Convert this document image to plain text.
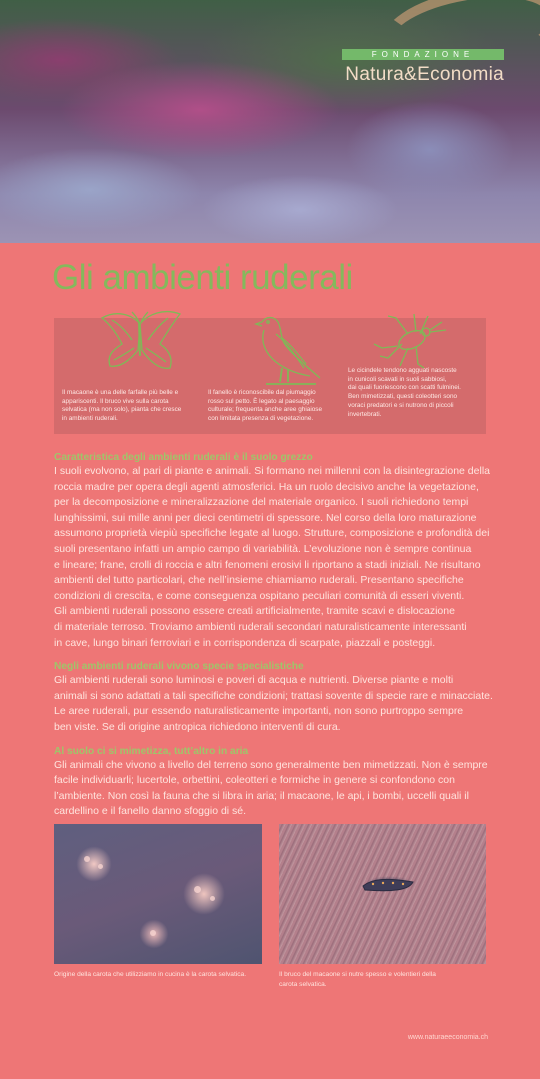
FONDAZIONE
Natura&Economia
Gli ambienti ruderali
Il macaone è una delle farfalle più belle e
appariscenti. Il bruco vive sulla carota
selvatica (ma non solo), pianta che cresce
in ambienti ruderali.
Il fanello è riconoscibile dal piumaggio
rosso sul petto. È legato al paesaggio
culturale; frequenta anche aree ghiaiose
con limitata presenza di vegetazione.
Le cicindele tendono agguati nascoste
in cunicoli scavati in suoli sabbiosi,
dai quali fuoriescono con scatti fulminei.
Ben mimetizzati, questi coleotteri sono
voraci predatori e si nutrono di piccoli
invertebrati.
Caratteristica degli ambienti ruderali è il suolo grezzo

I suoli evolvono, al pari di piante e animali. Si formano nei millenni con la disintegrazione della
roccia madre per opera degli agenti atmosferici. Ha un ruolo decisivo anche la vegetazione,
per la decomposizione e mineralizzazione del materiale organico. I suoli richiedono tempi
lunghissimi, sui mille anni per dieci centimetri di spessore. Nel corso della loro maturazione
assumono proprietà viepiù specifiche legate al luogo. Strutture, composizione e profondità dei
suoli presentano infatti un ampio campo di variabilità. L’evoluzione non è sempre continua
e lineare; frane, crolli di roccia e altri fenomeni erosivi li riportano a stadi iniziali. Ne risultano
ambienti del tutto particolari, che nell’insieme chiamiamo ruderali. Presentano specifiche
condizioni di crescita, e come conseguenza ospitano peculiari comunità di esseri viventi.
Gli ambienti ruderali possono essere creati artificialmente, tramite scavi e dislocazione
di materiale terroso. Troviamo ambienti ruderali secondari naturalisticamente interessanti
in cave, lungo binari ferroviari e in corrispondenza di scarpate, piazzali e posteggi.

Negli ambienti ruderali vivono specie specialistiche

Gli ambienti ruderali sono luminosi e poveri di acqua e nutrienti. Diverse piante e molti
animali si sono adattati a tali specifiche condizioni; trattasi sovente di specie rare e minacciate.
Le aree ruderali, pur essendo naturalisticamente importanti, non sono purtroppo sempre
ben viste. Se di origine antropica richiedono interventi di cura.

Al suolo ci si mimetizza, tutt’altro in aria

Gli animali che vivono a livello del terreno sono generalmente ben mimetizzati. Non è sempre
facile individuarli; lucertole, orbettini, coleotteri e formiche in genere si confondono con
l’ambiente. Non così la fauna che si libra in aria; il macaone, le api, i bombi, uccelli quali il
cardellino e il fanello danno sfoggio di sé.

Origine della carota che utilizziamo in cucina è la carota selvatica.	Il bruco del macaone si nutre spesso e volentieri della
carota selvatica.
www.naturaeeconomia.ch
